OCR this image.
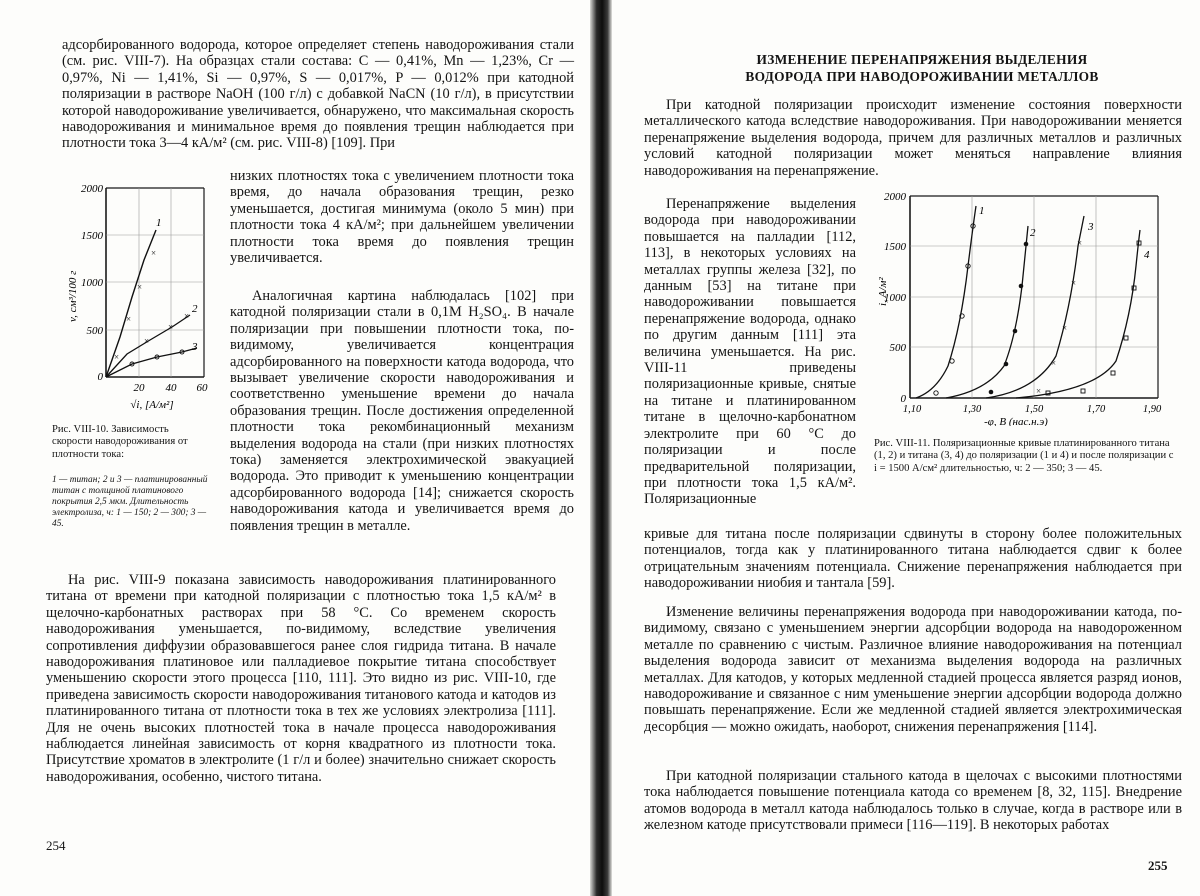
адсорбированного водорода, которое определяет степень наводороживания стали (см. рис. VIII-7). На образцах стали состава: С — 0,41%, Mn — 1,23%, Cr — 0,97%, Ni — 1,41%, Si — 0,97%, S — 0,017%, P — 0,012% при катодной поляризации в растворе NaOH (100 г/л) с добавкой NaCN (10 г/л), в присутствии которой наводороживание увеличивается, обнаружено, что максимальная скорость наводороживания и минимальное время до появления трещин наблюдается при плотности тока 3—4 кА/м² (см. рис. VIII-8) [109]. При

×
×
×
×
×
×
×
1
2
3
2000
1500
1000
500
0
20 40 60
v, см³/100 г
√i, [А/м²]

Рис. VIII-10. Зависимость скорости наводороживания от плотности тока:

1 — титан; 2 и 3 — платинированный титан с толщиной платинового покрытия 2,5 мкм. Длительность электролиза, ч: 1 — 150; 2 — 300; 3 — 45.

низких плотностях тока с увеличением плотности тока время, до начала образования трещин, резко уменьшается, достигая минимума (около 5 мин) при плотности тока 4 кА/м²; при дальнейшем увеличении плотности тока время до появления трещин увеличивается.

Аналогичная картина наблюдалась [102] при катодной поляризации стали в 0,1М H₂SO₄. В начале поляризации при повышении плотности тока, по-видимому, увеличивается концентрация адсорбированного на поверхности катода водорода, что вызывает увеличение скорости наводороживания и соответственно уменьшение времени до начала образования трещин. После достижения определенной плотности тока рекомбинационный механизм выделения водорода на стали (при низких плотностях тока) заменяется электрохимической эвакуацией водорода. Это приводит к уменьшению концентрации адсорбированного водорода [14]; снижается скорость наводороживания катода и увеличивается время до появления трещин в металле.

На рис. VIII-9 показана зависимость наводороживания платинированного титана от времени при катодной поляризации с плотностью тока 1,5 кА/м² в щелочно-карбонатных растворах при 58 °С. Со временем скорость наводороживания уменьшается, по-видимому, вследствие увеличения сопротивления диффузии образовавшегося ранее слоя гидрида титана. В начале наводороживания платиновое или палладиевое покрытие титана способствует уменьшению скорости этого процесса [110, 111]. Это видно из рис. VIII-10, где приведена зависимость скорости наводороживания титанового катода и катодов из платинированного титана от плотности тока в тех же условиях электролиза [111]. Для не очень высоких плотностей тока в начале процесса наводороживания наблюдается линейная зависимость от корня квадратного из плотности тока. Присутствие хроматов в электролите (1 г/л и более) значительно снижает скорость наводороживания, особенно, чистого титана.

254

ИЗМЕНЕНИЕ ПЕРЕНАПРЯЖЕНИЯ ВЫДЕЛЕНИЯ

ВОДОРОДА ПРИ НАВОДОРОЖИВАНИИ МЕТАЛЛОВ

При катодной поляризации происходит изменение состояния поверхности металлического катода вследствие наводороживания. При наводороживании меняется перенапряжение выделения водорода, причем для различных металлов и различных условий катодной поляризации может меняться направление влияния наводороживания на перенапряжение.

Перенапряжение выделения водорода при наводороживании повышается на палладии [112, 113], в некоторых условиях на металлах группы железа [32], по данным [53] на титане при наводороживании повышается перенапряжение водорода, однако по другим данным [111] эта величина уменьшается. На рис. VIII-11 приведены поляризационные кривые, снятые на титане и платинированном титане в щелочно-карбонатном электролите при 60 °С до поляризации и после предварительной поляризации, при плотности тока 1,5 кА/м². Поляризационные

×
×
×
×
×
1
2	3
4
2000
1500
1000
500
0
1,10	1,30	1,50	1,70	1,90
i, А/м²
-φ, В (нас.н.э)

Рис. VIII-11. Поляризационные кривые платинированного титана (1, 2) и титана (3, 4) до поляризации (1 и 4) и после поляризации с i = 1500 А/см² длительностью, ч: 2 — 350; 3 — 45.

кривые для титана после поляризации сдвинуты в сторону более положительных потенциалов, тогда как у платинированного титана наблюдается сдвиг к более отрицательным значениям потенциала. Снижение перенапряжения наблюдается при наводороживании ниобия и тантала [59].

Изменение величины перенапряжения водорода при наводороживании катода, по-видимому, связано с уменьшением энергии адсорбции водорода на наводороженном металле по сравнению с чистым. Различное влияние наводороживания на потенциал выделения водорода зависит от механизма выделения водорода на различных металлах. Для катодов, у которых медленной стадией процесса является разряд ионов, наводороживание и связанное с ним уменьшение энергии адсорбции водорода должно повышать перенапряжение. Если же медленной стадией является электрохимическая десорбция — можно ожидать, наоборот, снижения перенапряжения [114].

При катодной поляризации стального катода в щелочах с высокими плотностями тока наблюдается повышение потенциала катода со временем [8, 32, 115]. Внедрение атомов водорода в металл катода наблюдалось только в случае, когда в растворе или в железном катоде присутствовали примеси [116—119]. В некоторых работах

255
